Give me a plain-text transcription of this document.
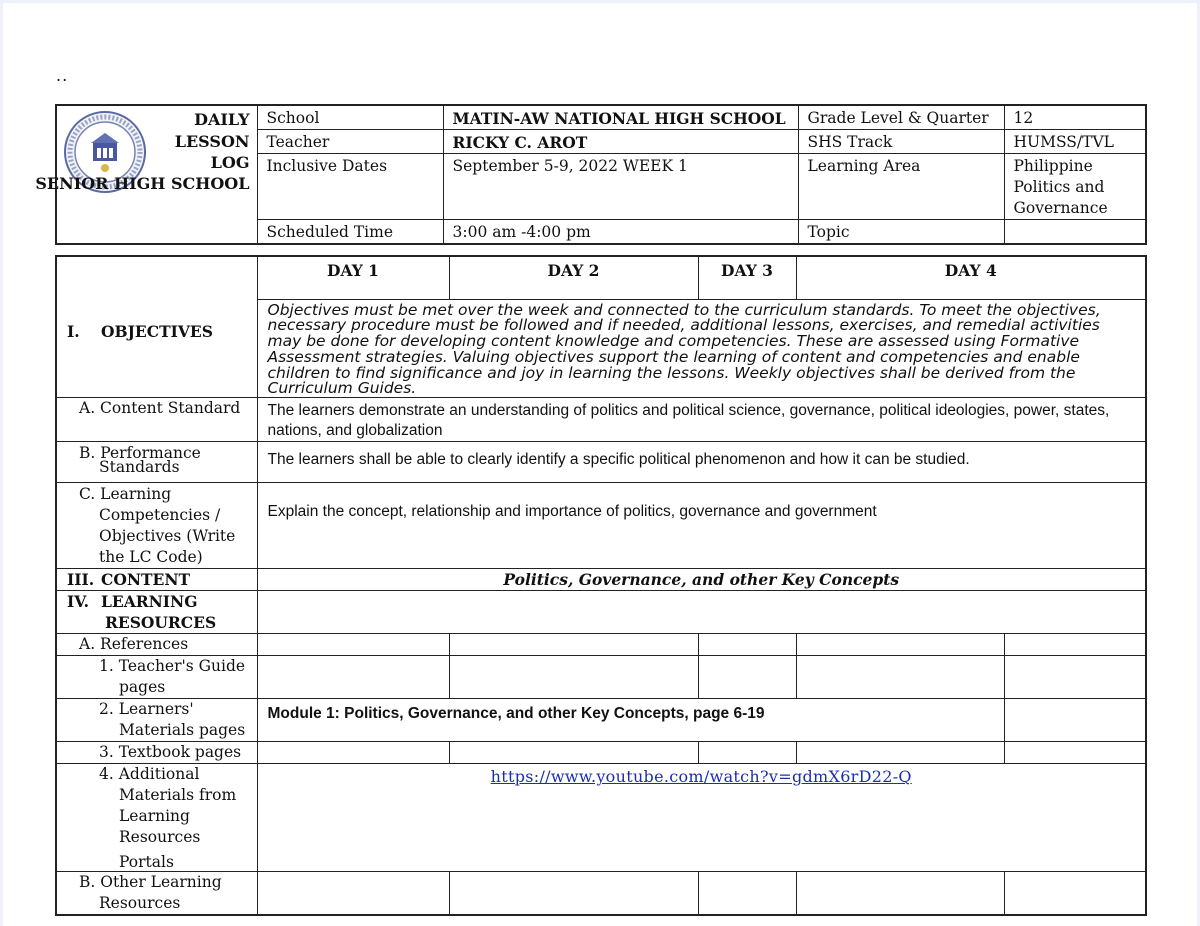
..
DAILY
LESSON
LOG
SENIOR HIGH SCHOOL	School	MATIN-AW NATIONAL HIGH SCHOOL	Grade Level & Quarter	12
	Teacher	RICKY C. AROT	SHS Track	HUMSS/TVL
	Inclusive Dates	September 5-9, 2022 WEEK 1	Learning Area	Philippine Politics and Governance
	Scheduled Time	3:00 am -4:00 pm	Topic	
I. OBJECTIVES	DAY 1	DAY 2	DAY 3	DAY 4	
	Objectives must be met over the week and connected to the curriculum standards. To meet the objectives, necessary procedure must be followed and if needed, additional lessons, exercises, and remedial activities may be done for developing content knowledge and competencies. These are assessed using Formative Assessment strategies. Valuing objectives support the learning of content and competencies and enable children to find significance and joy in learning the lessons. Weekly objectives shall be derived from the Curriculum Guides.				
A. Content Standard	The learners demonstrate an understanding of politics and political science, governance, political ideologies, power, states, nations, and globalization				

B. Performance
Standards	The learners shall be able to clearly identify a specific political phenomenon and how it can be studied.				

C. Learning
Competencies /
Objectives (Write
the LC Code)	Explain the concept, relationship and importance of politics, governance and government				
III. CONTENT	Politics, Governance, and other Key Concepts				

IV. LEARNING
RESOURCES					

A. References					

1. Teacher's Guide
pages					

2. Learners'
Materials pages	Module 1: Politics, Governance, and other Key Concepts, page 6-19				
3. Textbook pages					

4. Additional
Materials from
Learning
Resources
Portals	https://www.youtube.com/watch?v=gdmX6rD22-Q				

B. Other Learning
Resources					
